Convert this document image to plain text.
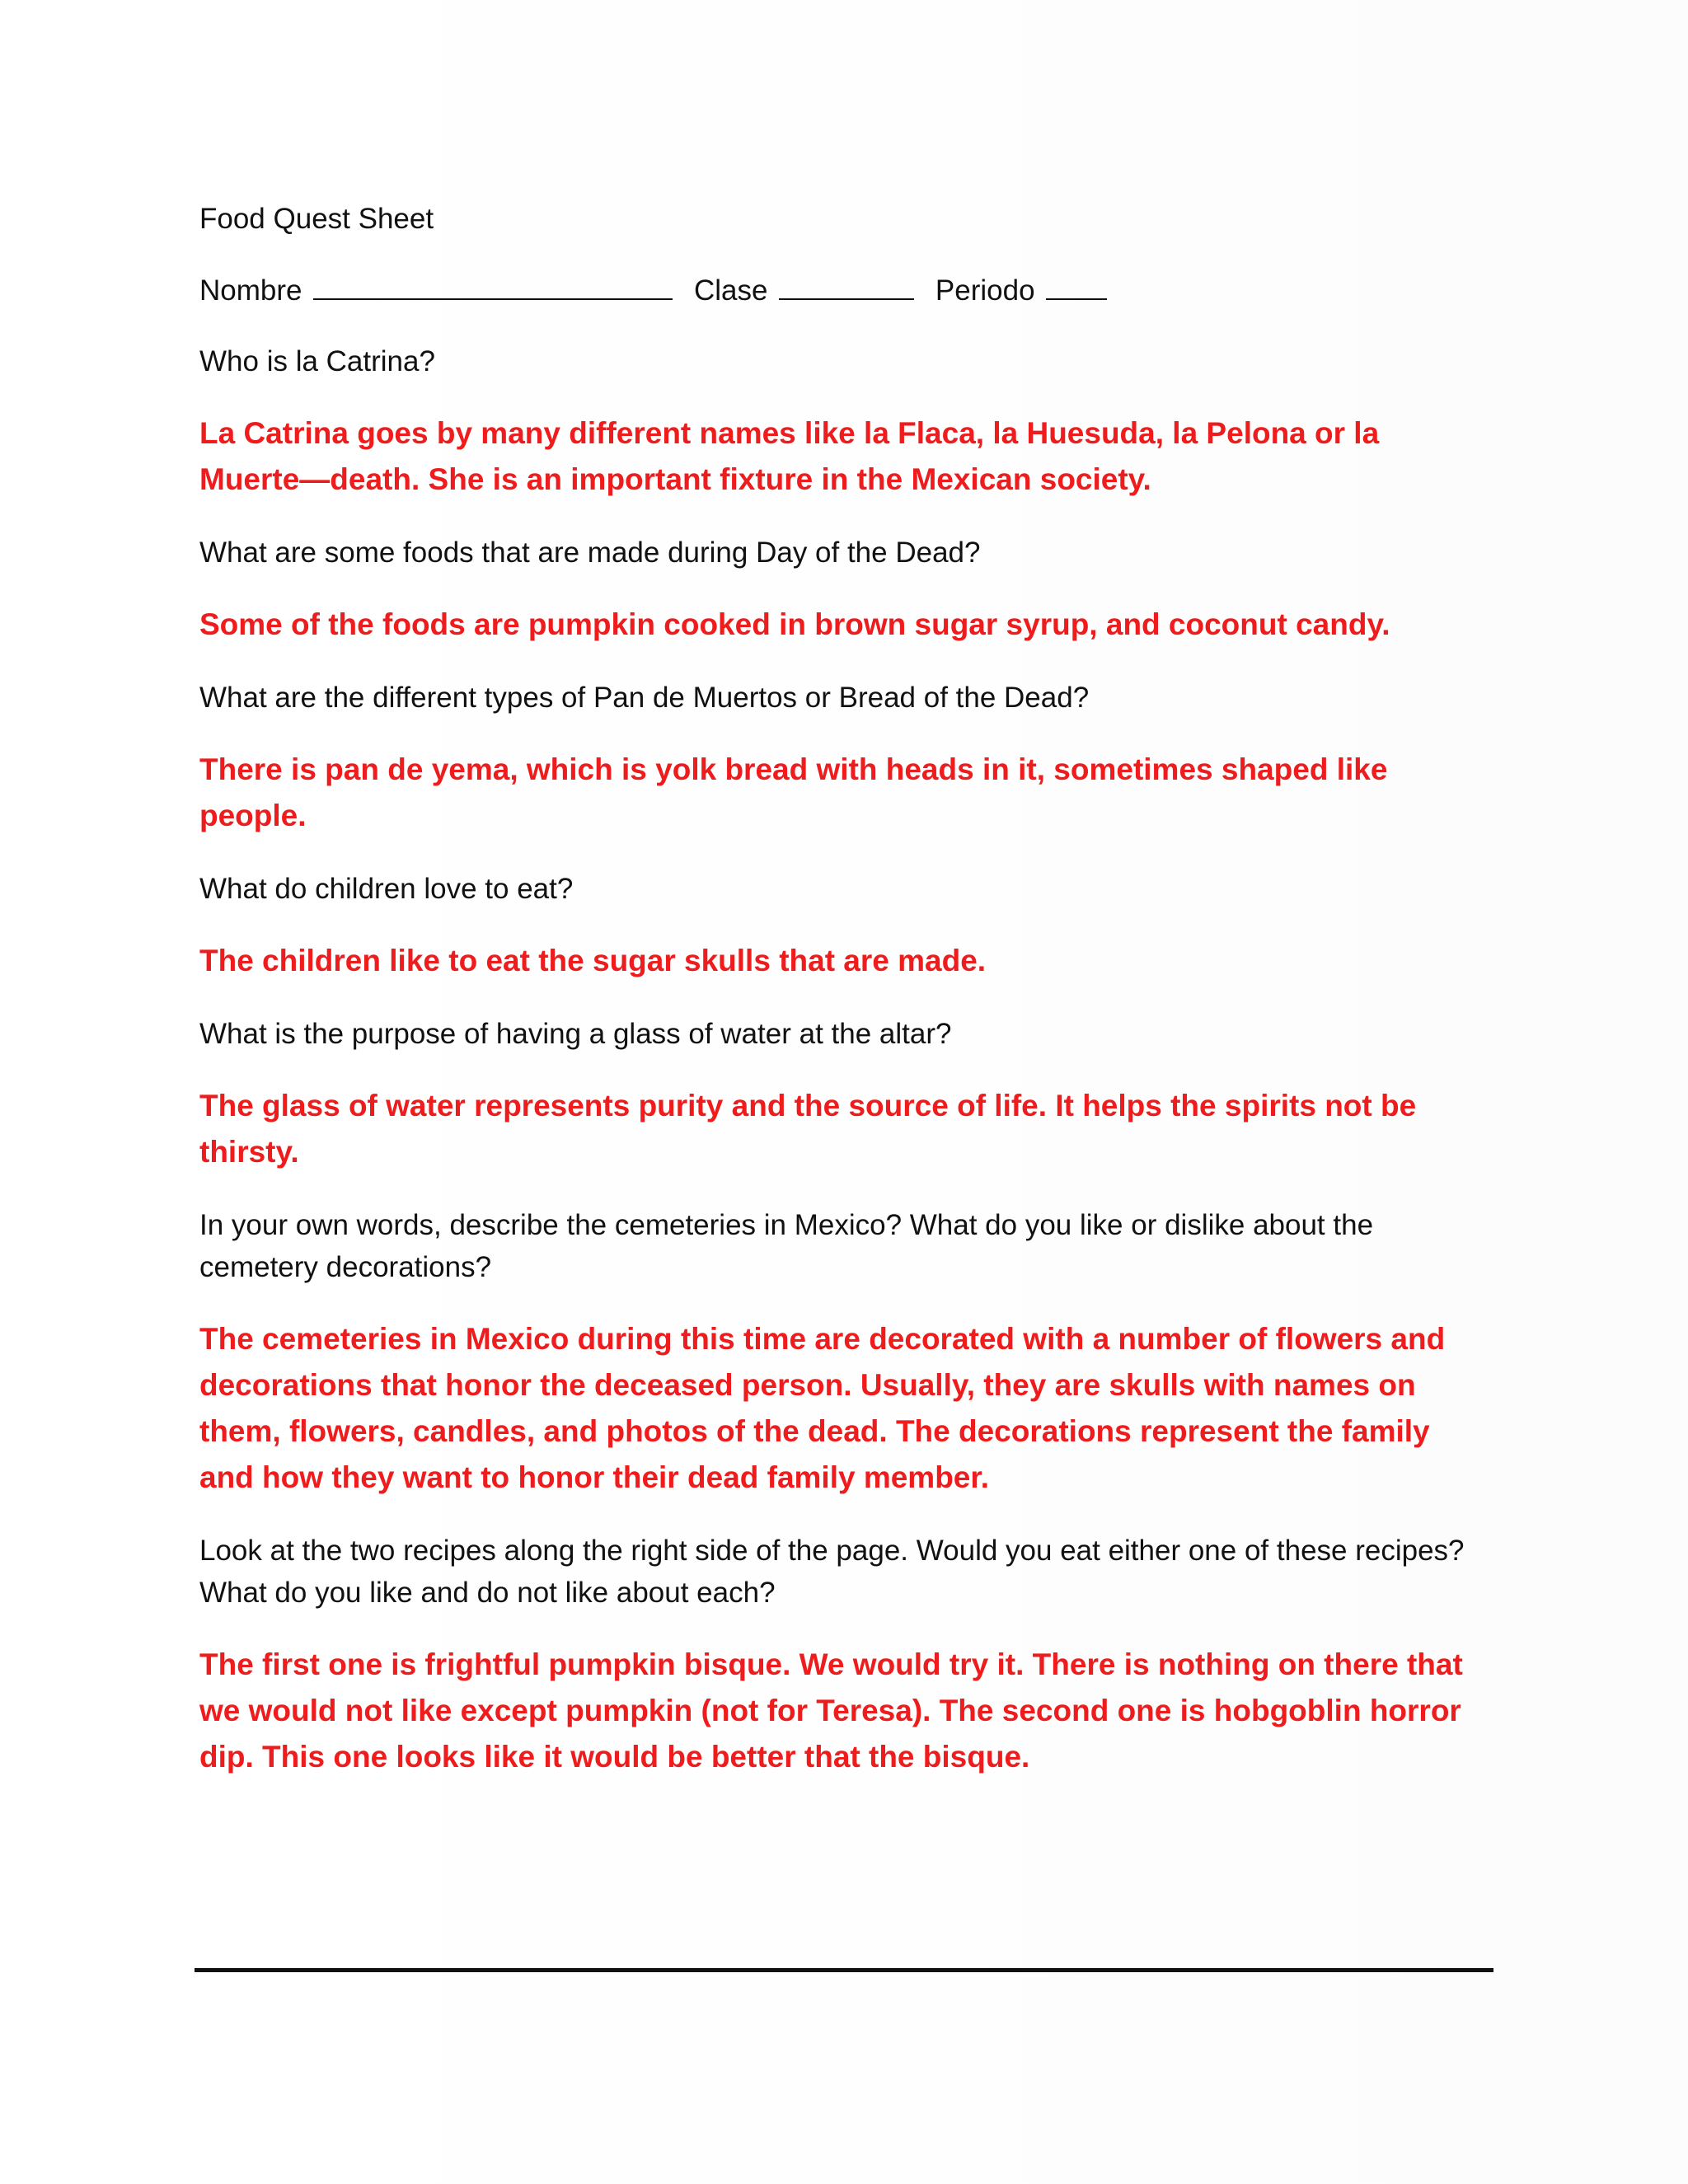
Food Quest Sheet

Nombre	Clase	Periodo

Who is la Catrina?

La Catrina goes by many different names like la Flaca, la Huesuda, la Pelona or la Muerte—death. She is an important fixture in the Mexican society.

What are some foods that are made during Day of the Dead?

Some of the foods are pumpkin cooked in brown sugar syrup, and coconut candy.

What are the different types of Pan de Muertos or Bread of the Dead?

There is pan de yema, which is yolk bread with heads in it, sometimes shaped like people.

What do children love to eat?

The children like to eat the sugar skulls that are made.

What is the purpose of having a glass of water at the altar?

The glass of water represents purity and the source of life. It helps the spirits not be thirsty.

In your own words, describe the cemeteries in Mexico? What do you like or dislike about the cemetery decorations?

The cemeteries in Mexico during this time are decorated with a number of flowers and decorations that honor the deceased person. Usually, they are skulls with names on them, flowers, candles, and photos of the dead. The decorations represent the family and how they want to honor their dead family member.

Look at the two recipes along the right side of the page. Would you eat either one of these recipes? What do you like and do not like about each?

The first one is frightful pumpkin bisque. We would try it. There is nothing on there that we would not like except pumpkin (not for Teresa). The second one is hobgoblin horror dip. This one looks like it would be better that the bisque.
